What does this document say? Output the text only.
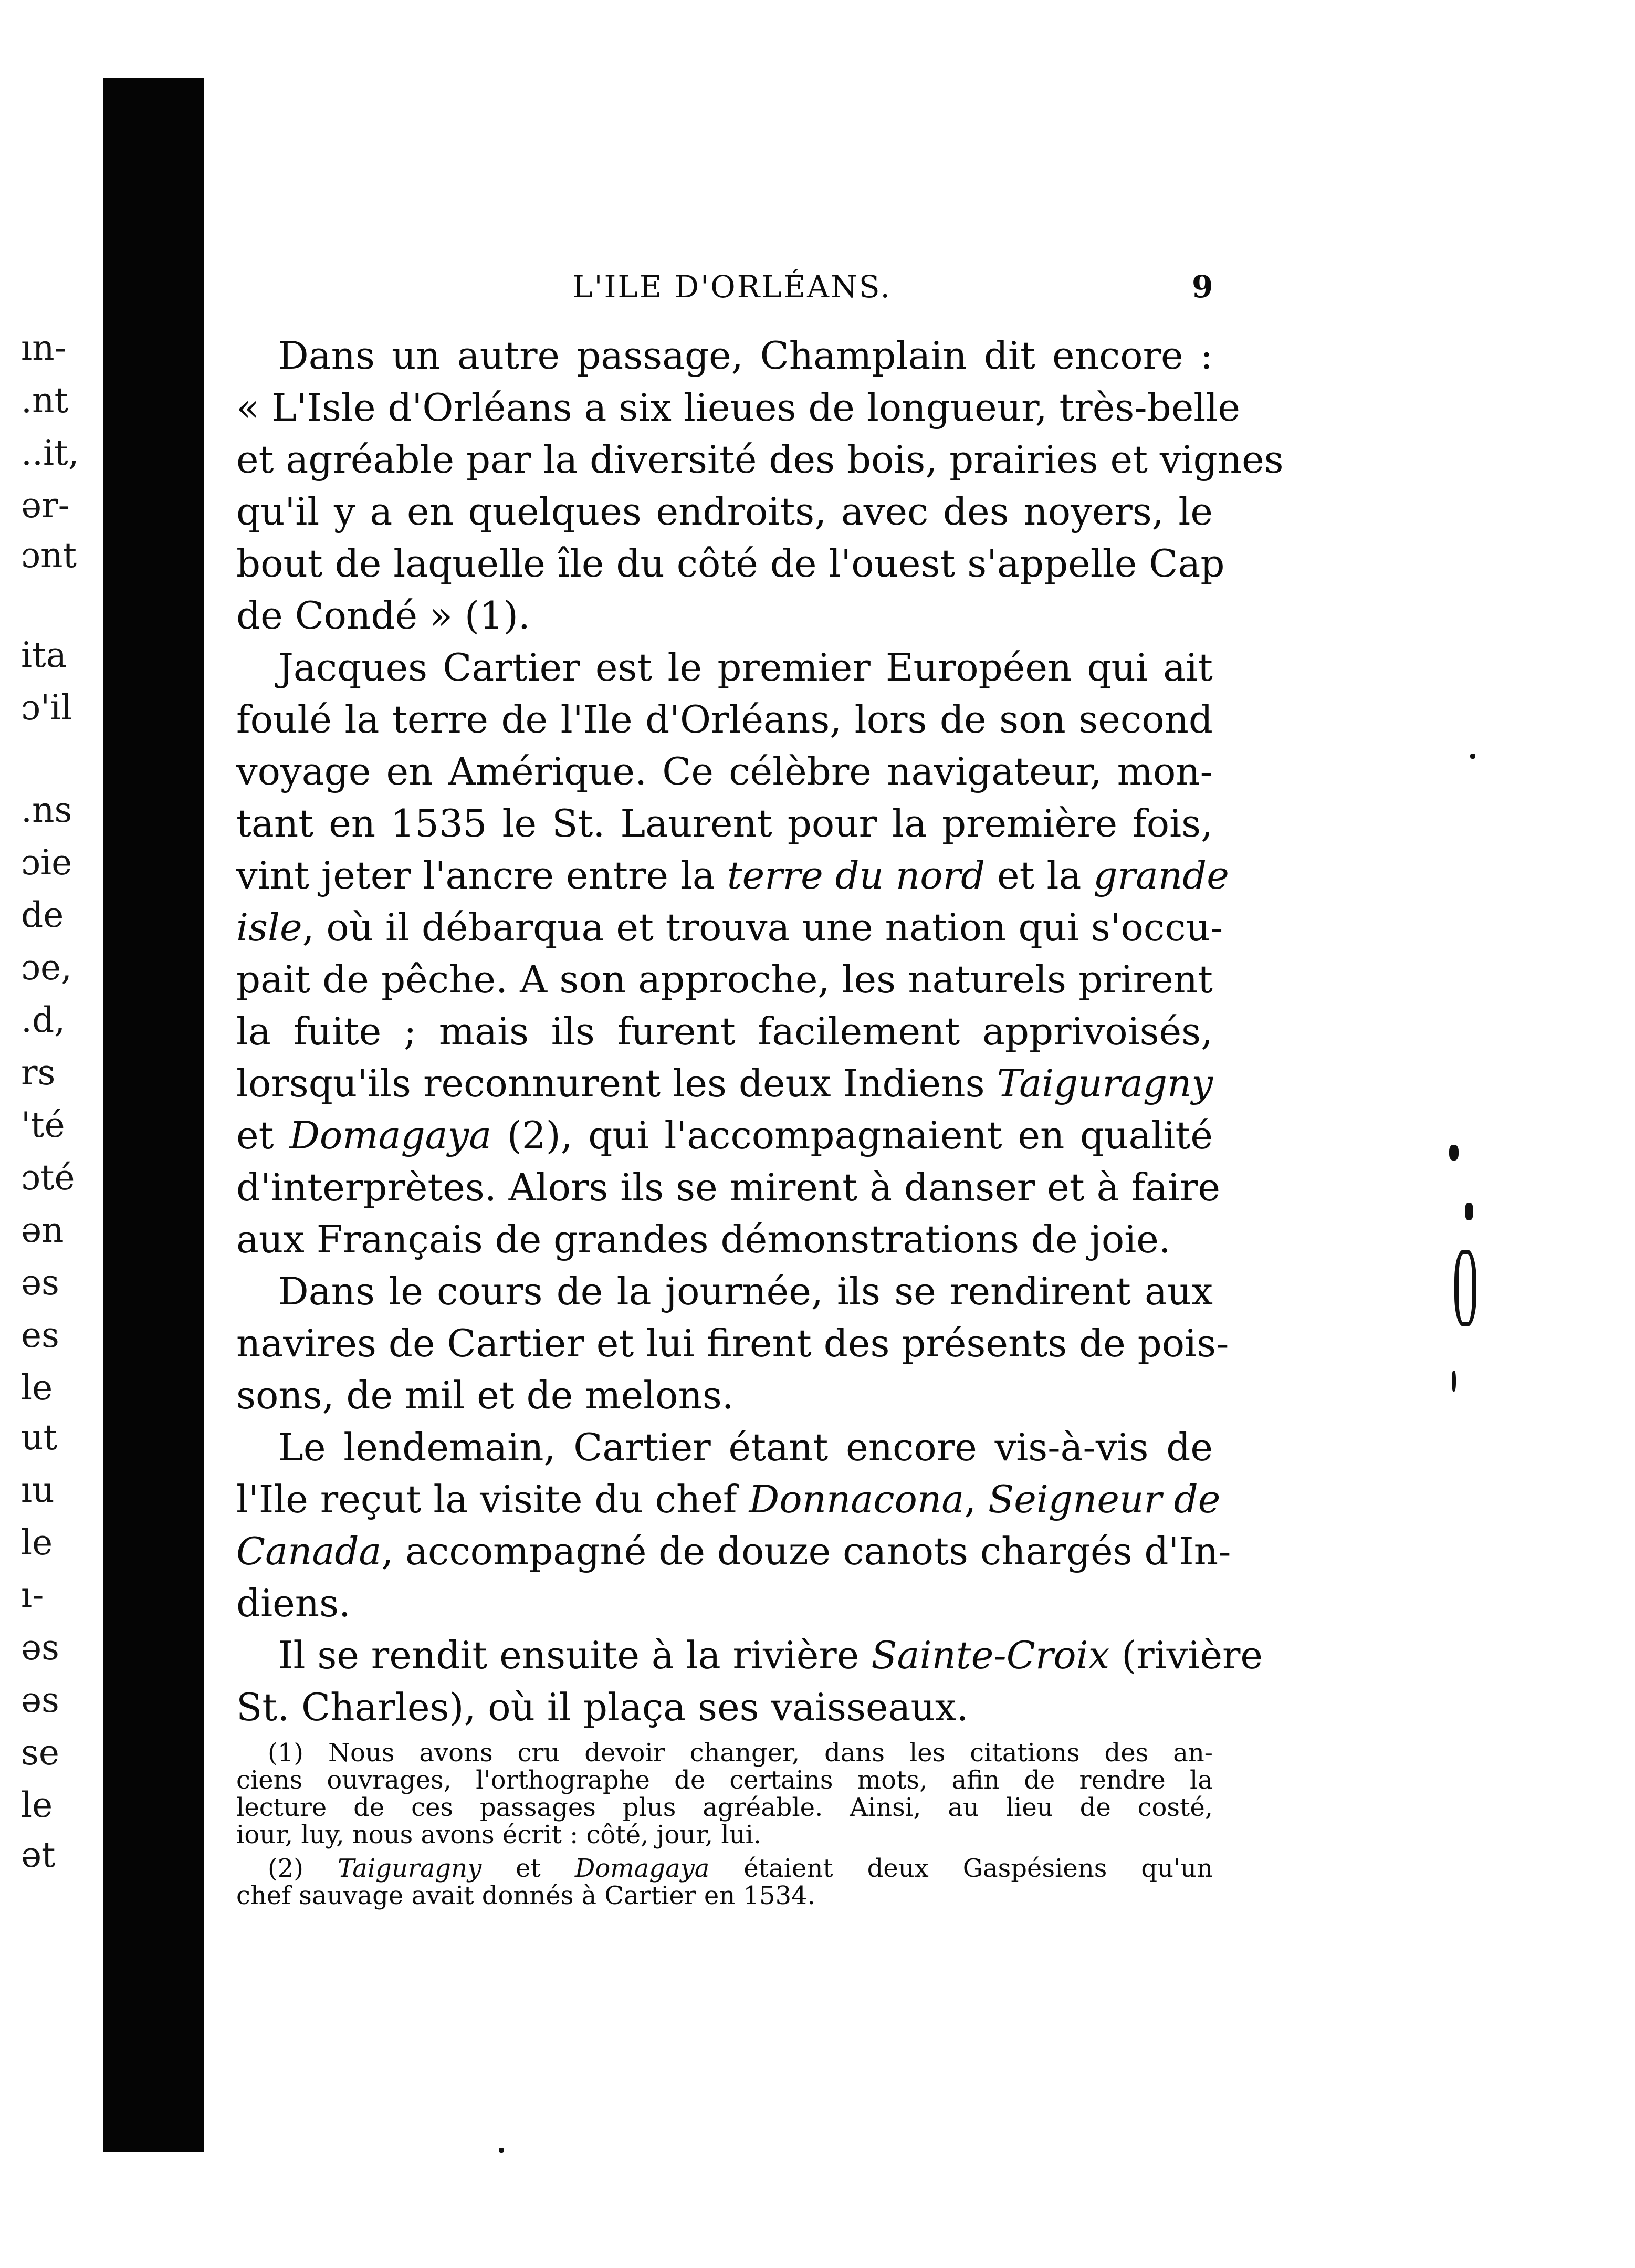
ın-
.nt
..it,
ər-
ɔnt
ita
ɔ'il
.ns
ɔie
de
ɔe,
.d,
rs
'té
ɔté
ən
əs
es
le
ut
ıu
le
ı-
əs
əs
se
le
ət
L'ILE D'ORLÉANS.	9
Dans un autre passage, Champlain dit encore :
« L'Isle d'Orléans a six lieues de longueur, très-belle
et agréable par la diversité des bois, prairies et vignes
qu'il y a en quelques endroits, avec des noyers, le
bout de laquelle île du côté de l'ouest s'appelle Cap
de Condé » (1).
Jacques Cartier est le premier Européen qui ait
foulé la terre de l'Ile d'Orléans, lors de son second
voyage en Amérique. Ce célèbre navigateur, mon-
tant en 1535 le St. Laurent pour la première fois,
vint jeter l'ancre entre la terre du nord et la grande
isle, où il débarqua et trouva une nation qui s'occu-
pait de pêche. A son approche, les naturels prirent
la fuite ; mais ils furent facilement apprivoisés,
lorsqu'ils reconnurent les deux Indiens Taiguragny
et Domagaya (2), qui l'accompagnaient en qualité
d'interprètes. Alors ils se mirent à danser et à faire
aux Français de grandes démonstrations de joie.
Dans le cours de la journée, ils se rendirent aux
navires de Cartier et lui firent des présents de pois-
sons, de mil et de melons.
Le lendemain, Cartier étant encore vis-à-vis de
l'Ile reçut la visite du chef Donnacona, Seigneur de
Canada, accompagné de douze canots chargés d'In-
diens.
Il se rendit ensuite à la rivière Sainte-Croix (rivière
St. Charles), où il plaça ses vaisseaux.
(1) Nous avons cru devoir changer, dans les citations des an-
ciens ouvrages, l'orthographe de certains mots, afin de rendre la
lecture de ces passages plus agréable. Ainsi, au lieu de costé,
iour, luy, nous avons écrit : côté, jour, lui.
(2) Taiguragny et Domagaya étaient deux Gaspésiens qu'un
chef sauvage avait donnés à Cartier en 1534.
